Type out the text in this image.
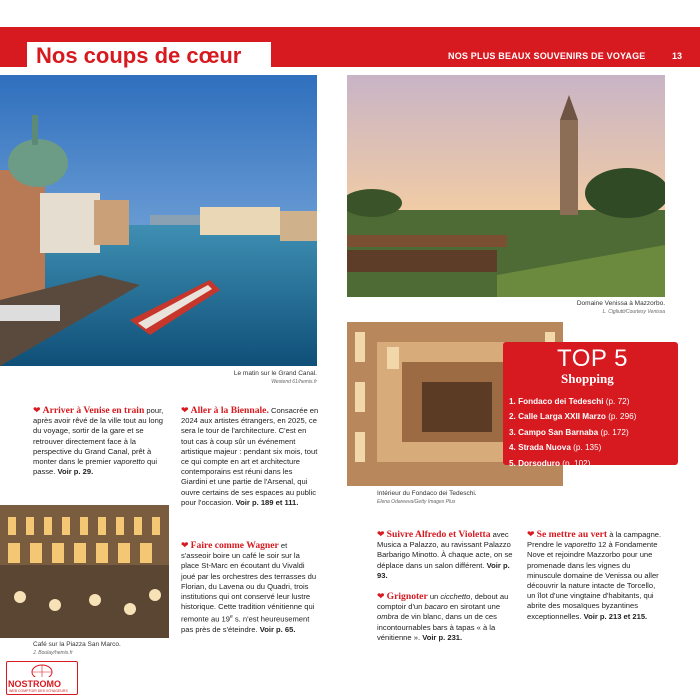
Nos coups de cœur	NOS PLUS BEAUX SOUVENIRS DE VOYAGE	13
Le matin sur le Grand Canal.
Westend 61/hemis.fr
Domaine Venissa à Mazzorbo.
L. Cigliutti/Courtesy Venissa
Intérieur du Fondaco dei Tedeschi.
Elena Odareeva/Getty Images Plus
TOP 5
Shopping
1. Fondaco dei Tedeschi (p. 72)
2. Calle Larga XXII Marzo (p. 296)
3. Campo San Barnaba (p. 172)
4. Strada Nuova (p. 135)
5. Dorsoduro (p. 102)
❤ Arriver à Venise en train pour, après avoir rêvé de la ville tout au long du voyage, sortir de la gare et se retrouver directement face à la perspective du Grand Canal, prêt à monter dans le premier vaporetto qui passe. Voir p. 29.
Café sur la Piazza San Marco.
J. Boulay/hemis.fr
❤ Aller à la Biennale. Consacrée en 2024 aux artistes étrangers, en 2025, ce sera le tour de l'architecture. C'est en tout cas à coup sûr un événement artistique majeur : pendant six mois, tout ce qui compte en art et architecture contemporains est réuni dans les Giardini et une partie de l'Arsenal, qui ouvre certains de ses espaces au public pour l'occasion. Voir p. 189 et 111.
❤ Faire comme Wagner et s'asseoir boire un café le soir sur la place St-Marc en écoutant du Vivaldi joué par les orchestres des terrasses du Florian, du Lavena ou du Quadri, trois institutions qui ont conservé leur lustre historique. Cette tradition vénitienne qui remonte au 19e s. n'est heureusement pas près de s'éteindre. Voir p. 65.
❤ Suivre Alfredo et Violetta avec Musica a Palazzo, au ravissant Palazzo Barbarigo Minotto. À chaque acte, on se déplace dans un salon différent. Voir p. 93.
❤ Grignoter un cicchetto, debout au comptoir d'un bacaro en sirotant une ombra de vin blanc, dans un de ces incontournables bars à tapas « à la vénitienne ». Voir p. 231.
❤ Se mettre au vert à la campagne. Prendre le vaporetto 12 à Fondamente Nove et rejoindre Mazzorbo pour une promenade dans les vignes du minuscule domaine de Venissa ou aller découvrir la nature intacte de Torcello, un îlot d'une vingtaine d'habitants, qui abrite des mosaïques byzantines exceptionnelles. Voir p. 213 et 215.
NOSTROMO
WEB COMPTOIR DES VOYAGEURS
